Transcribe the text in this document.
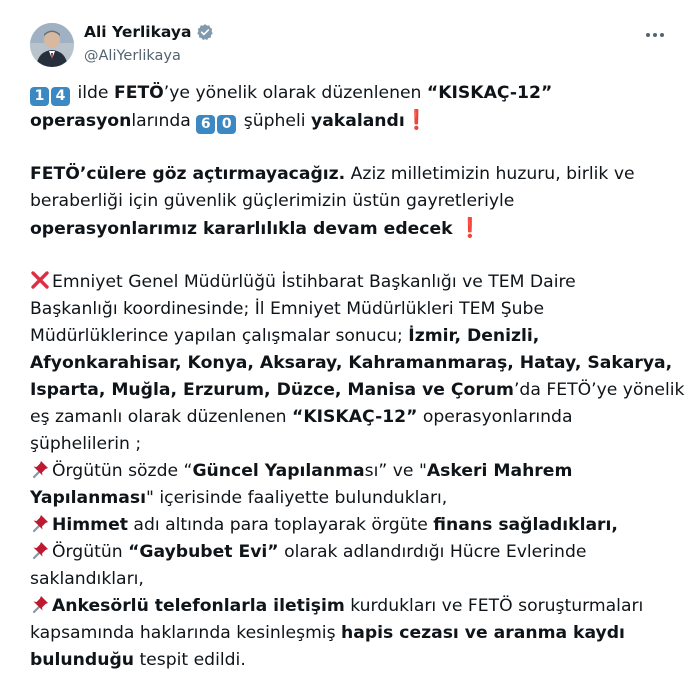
Ali Yerlikaya
@AliYerlikaya
1 4 ilde FETÖ’ye yönelik olarak düzenlenen “KISKAÇ-12”
operasyonlarında 6 0 şüpheli yakalandı❗
FETÖ’cülere göz açtırmayacağız. Aziz milletimizin huzuru, birlik ve
beraberliği için güvenlik güçlerimizin üstün gayretleriyle
operasyonlarımız kararlılıkla devam edecek ❗
Emniyet Genel Müdürlüğü İstihbarat Başkanlığı ve TEM Daire
Başkanlığı koordinesinde; İl Emniyet Müdürlükleri TEM Şube
Müdürlüklerince yapılan çalışmalar sonucu; İzmir, Denizli,
Afyonkarahisar, Konya, Aksaray, Kahramanmaraş, Hatay, Sakarya,
Isparta, Muğla, Erzurum, Düzce, Manisa ve Çorum’da FETÖ’ye yönelik
eş zamanlı olarak düzenlenen “KISKAÇ-12” operasyonlarında
şüphelilerin ;
Örgütün sözde “Güncel Yapılanması” ve "Askeri Mahrem
Yapılanması" içerisinde faaliyette bulundukları,
Himmet adı altında para toplayarak örgüte finans sağladıkları,
Örgütün “Gaybubet Evi” olarak adlandırdığı Hücre Evlerinde
saklandıkları,
Ankesörlü telefonlarla iletişim kurdukları ve FETÖ soruşturmaları
kapsamında haklarında kesinleşmiş hapis cezası ve aranma kaydı
bulunduğu tespit edildi.
